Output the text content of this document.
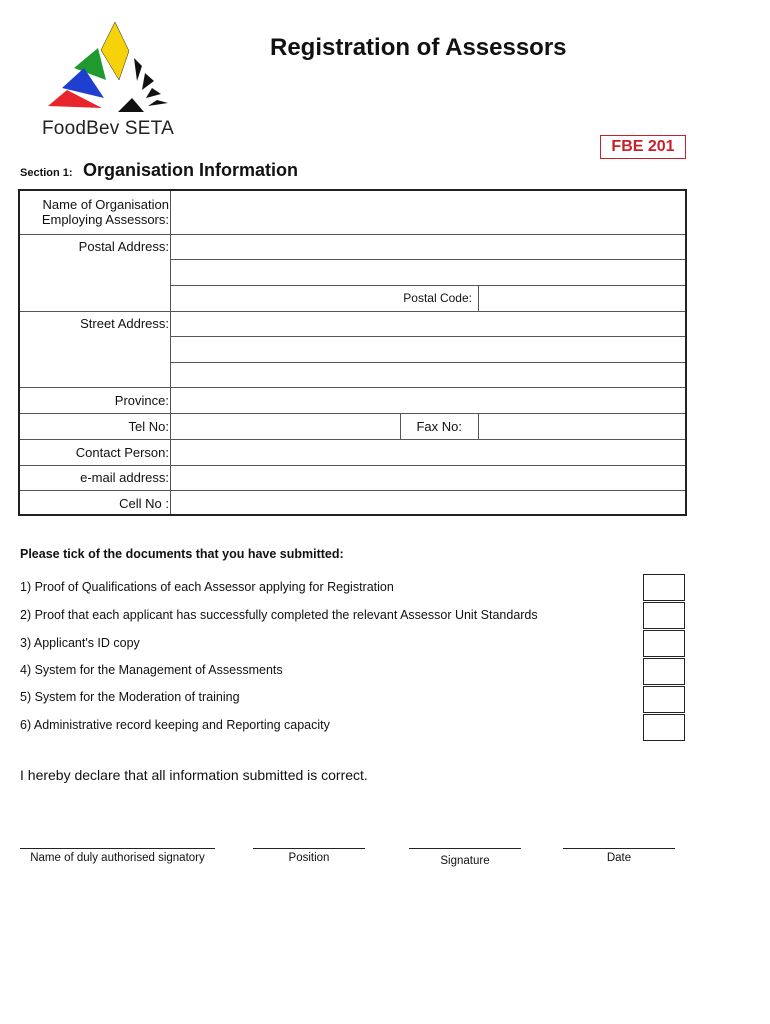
FoodBev SETA
Registration of Assessors
FBE 201
Section 1: Organisation Information
Name of Organisation
Employing Assessors:
Postal Address:
Postal Code:
Street Address:
Province:
Tel No:	Fax No:
Contact Person:
e-mail address:
Cell No :
Please tick of the documents that you have submitted:
1) Proof of Qualifications of each Assessor applying for Registration
2) Proof that each applicant has successfully completed the relevant Assessor Unit Standards
3) Applicant's ID copy
4) System for the Management of Assessments
5) System for the Moderation of training
6) Administrative record keeping and Reporting capacity
I hereby declare that all information submitted is correct.
Name of duly authorised signatory	Position	Signature	Date
